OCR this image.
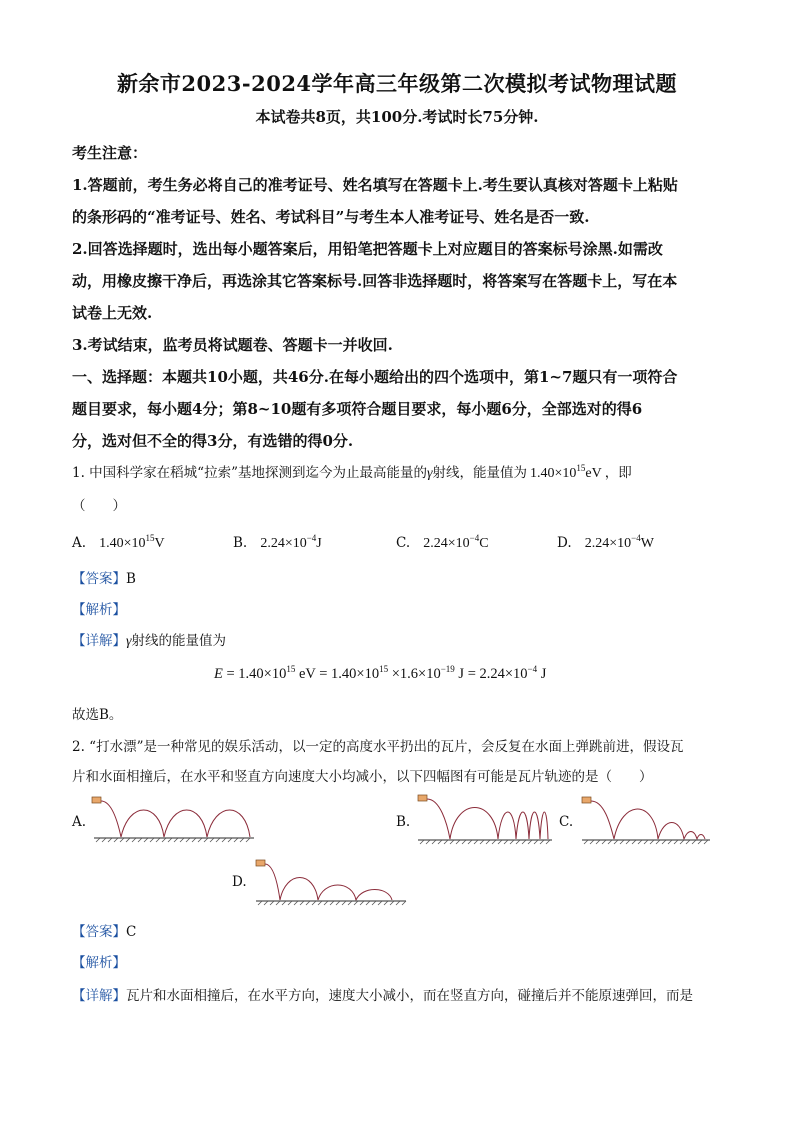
新余市2023-2024学年高三年级第二次模拟考试物理试题
本试卷共8页，共100分.考试时长75分钟.
考生注意：
1.答题前，考生务必将自己的准考证号、姓名填写在答题卡上.考生要认真核对答题卡上粘贴
的条形码的“准考证号、姓名、考试科目”与考生本人准考证号、姓名是否一致.
2.回答选择题时，选出每小题答案后，用铅笔把答题卡上对应题目的答案标号涂黑.如需改
动，用橡皮擦干净后，再选涂其它答案标号.回答非选择题时，将答案写在答题卡上，写在本
试卷上无效.
3.考试结束，监考员将试题卷、答题卡一并收回.
一、选择题：本题共10小题，共46分.在每小题给出的四个选项中，第1~7题只有一项符合
题目要求，每小题4分；第8~10题有多项符合题目要求，每小题6分，全部选对的得6
分，选对但不全的得3分，有选错的得0分.
1. 中国科学家在稻城“拉索”基地探测到迄今为止最高能量的γ射线，能量值为 $1.40\times 10^{15}eV$ ，即
（　　）
A. $1.40\times 10^{15}V$	B. $2.24\times 10^{-4}J$	C. $2.24\times 10^{-4}C$	D. $2.24\times 10^{-4}W$
【答案】B
【解析】
【详解】γ射线的能量值为
$E = 1.40\times 10^{15}$ eV = $1.40\times 10^{15} \times 1.6\times 10^{-19}$ $J = 2.24\times 10^{-4}$ J
故选B。
2. “打水漂”是一种常见的娱乐活动，以一定的高度水平扔出的瓦片，会反复在水面上弹跳前进，假设瓦
片和水面相撞后，在水平和竖直方向速度大小均减小，以下四幅图有可能是瓦片轨迹的是（　　）
A.	B.	C.
D.
【答案】C
【解析】
【详解】瓦片和水面相撞后，在水平方向，速度大小减小，而在竖直方向，碰撞后并不能原速弹回，而是
